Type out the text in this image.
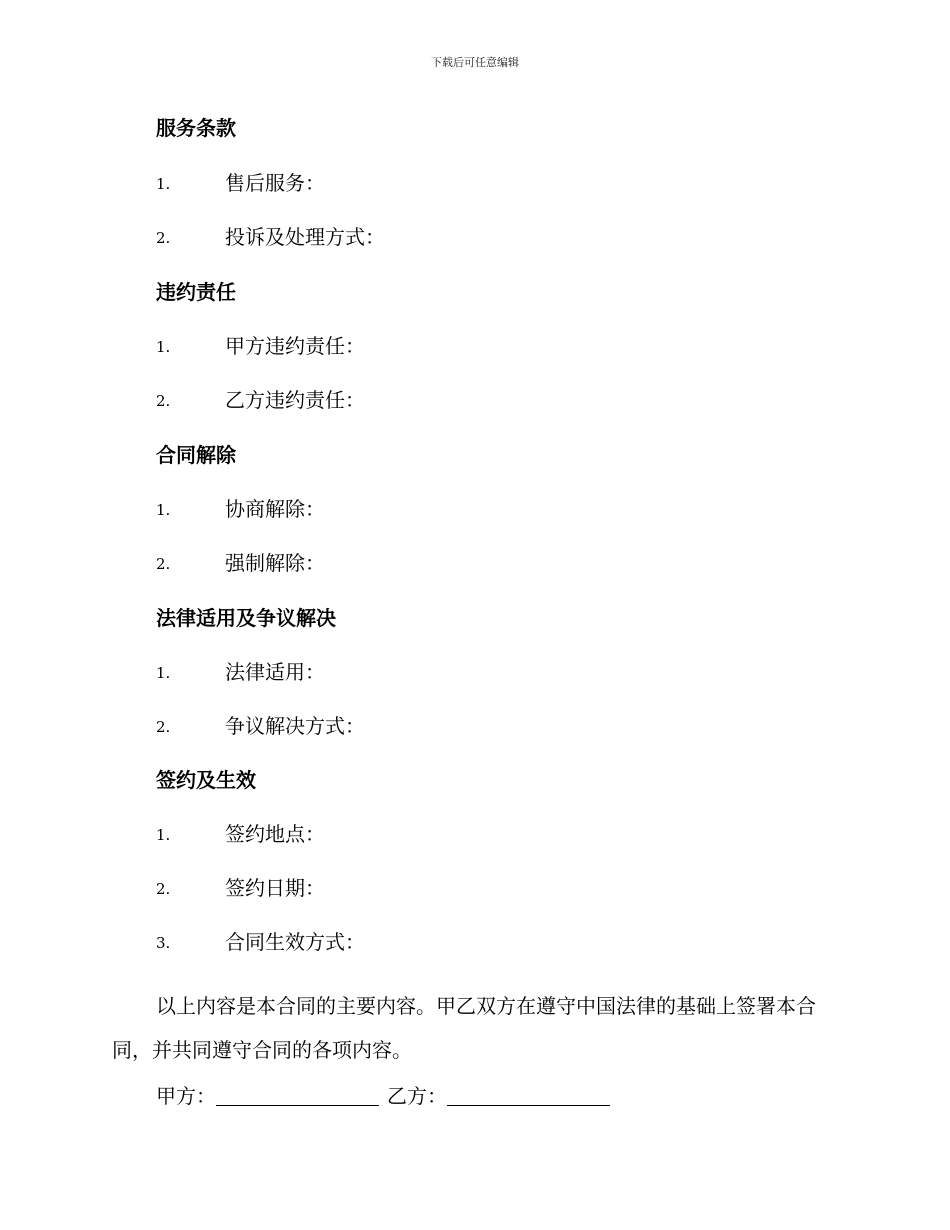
下载后可任意编辑
服务条款
1.	售后服务：
2.	投诉及处理方式：
违约责任
1.	甲方违约责任：
2.	乙方违约责任：
合同解除
1.	协商解除：
2.	强制解除：
法律适用及争议解决
1.	法律适用：
2.	争议解决方式：
签约及生效
1.	签约地点：
2.	签约日期：
3.	合同生效方式：
以上内容是本合同的主要内容。甲乙双方在遵守中国法律的基础上签署本合同，并共同遵守合同的各项内容。
甲方：	乙方：
